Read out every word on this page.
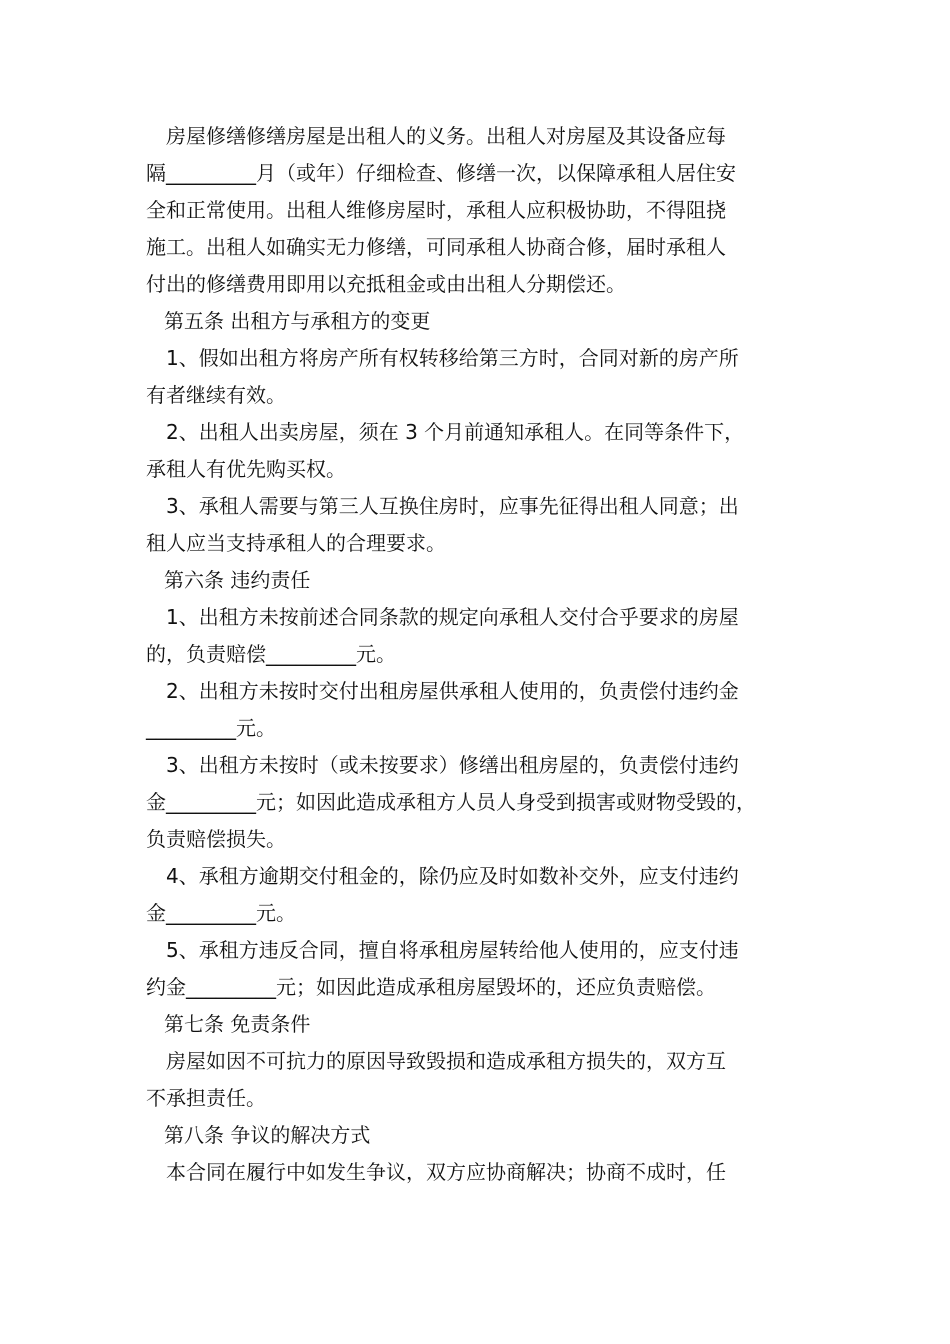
房屋修缮修缮房屋是出租人的义务。出租人对房屋及其设备应每
隔_________月（或年）仔细检查、修缮一次，以保障承租人居住安
全和正常使用。出租人维修房屋时，承租人应积极协助，不得阻挠
施工。出租人如确实无力修缮，可同承租人协商合修，届时承租人
付出的修缮费用即用以充抵租金或由出租人分期偿还。
第五条 出租方与承租方的变更
1、假如出租方将房产所有权转移给第三方时，合同对新的房产所
有者继续有效。
2、出租人出卖房屋，须在 3 个月前通知承租人。在同等条件下，
承租人有优先购买权。
3、承租人需要与第三人互换住房时，应事先征得出租人同意；出
租人应当支持承租人的合理要求。
第六条 违约责任
1、出租方未按前述合同条款的规定向承租人交付合乎要求的房屋
的，负责赔偿_________元。
2、出租方未按时交付出租房屋供承租人使用的，负责偿付违约金
_________元。
3、出租方未按时（或未按要求）修缮出租房屋的，负责偿付违约
金_________元；如因此造成承租方人员人身受到损害或财物受毁的，
负责赔偿损失。
4、承租方逾期交付租金的，除仍应及时如数补交外，应支付违约
金_________元。
5、承租方违反合同，擅自将承租房屋转给他人使用的，应支付违
约金_________元；如因此造成承租房屋毁坏的，还应负责赔偿。
第七条 免责条件
房屋如因不可抗力的原因导致毁损和造成承租方损失的，双方互
不承担责任。
第八条 争议的解决方式
本合同在履行中如发生争议，双方应协商解决；协商不成时，任
